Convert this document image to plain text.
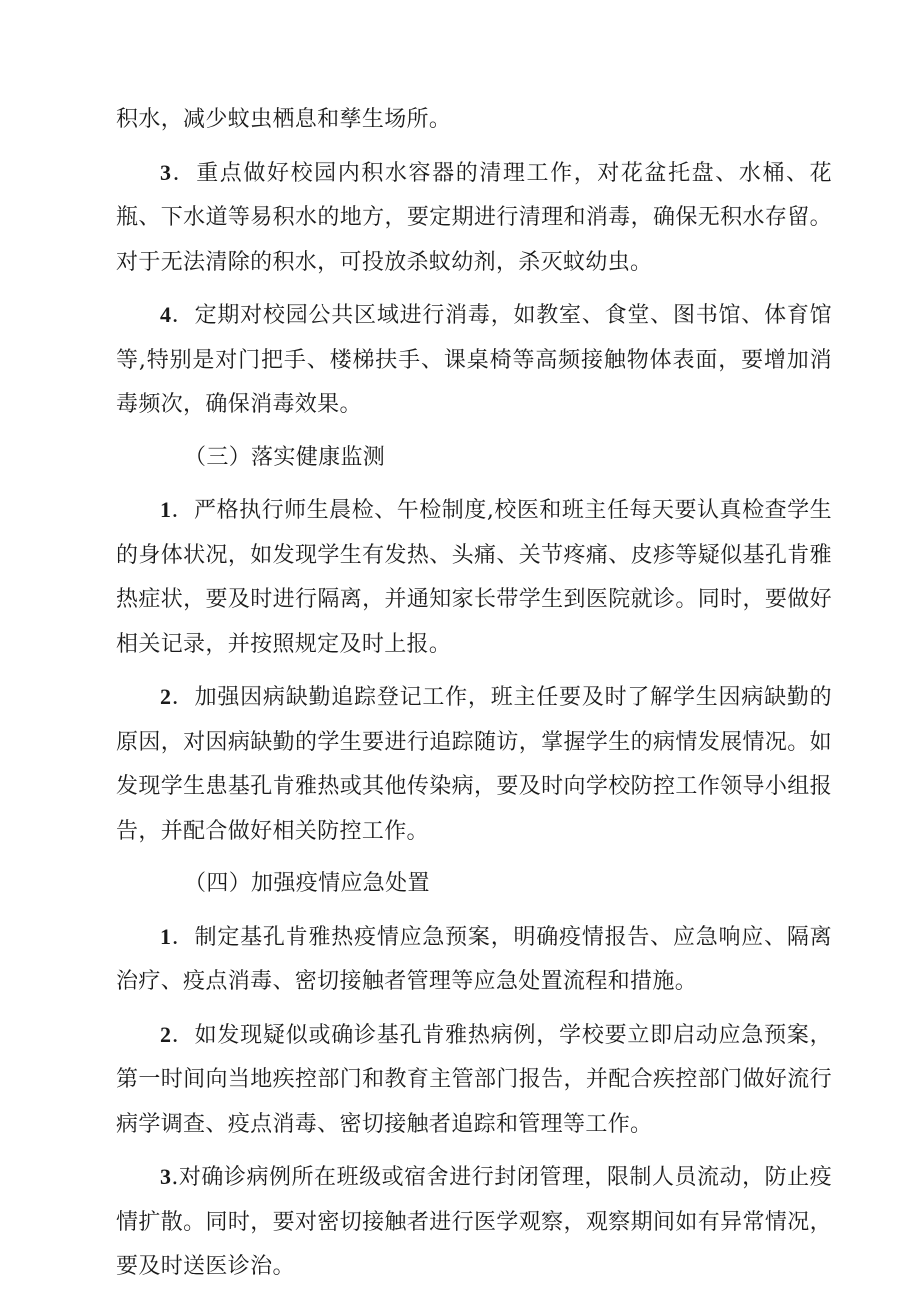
积水，减少蚊虫栖息和孳生场所。

3．重点做好校园内积水容器的清理工作，对花盆托盘、水桶、花瓶、下水道等易积水的地方，要定期进行清理和消毒，确保无积水存留。对于无法清除的积水，可投放杀蚊幼剂，杀灭蚊幼虫。

4．定期对校园公共区域进行消毒，如教室、食堂、图书馆、体育馆等,特别是对门把手、楼梯扶手、课桌椅等高频接触物体表面，要增加消毒频次，确保消毒效果。

（三）落实健康监测

1．严格执行师生晨检、午检制度,校医和班主任每天要认真检查学生的身体状况，如发现学生有发热、头痛、关节疼痛、皮疹等疑似基孔肯雅热症状，要及时进行隔离，并通知家长带学生到医院就诊。同时，要做好相关记录，并按照规定及时上报。

2．加强因病缺勤追踪登记工作，班主任要及时了解学生因病缺勤的原因，对因病缺勤的学生要进行追踪随访，掌握学生的病情发展情况。如发现学生患基孔肯雅热或其他传染病，要及时向学校防控工作领导小组报告，并配合做好相关防控工作。

（四）加强疫情应急处置

1．制定基孔肯雅热疫情应急预案，明确疫情报告、应急响应、隔离治疗、疫点消毒、密切接触者管理等应急处置流程和措施。

2．如发现疑似或确诊基孔肯雅热病例，学校要立即启动应急预案，第一时间向当地疾控部门和教育主管部门报告，并配合疾控部门做好流行病学调查、疫点消毒、密切接触者追踪和管理等工作。

3.对确诊病例所在班级或宿舍进行封闭管理，限制人员流动，防止疫情扩散。同时，要对密切接触者进行医学观察，观察期间如有异常情况，要及时送医诊治。
